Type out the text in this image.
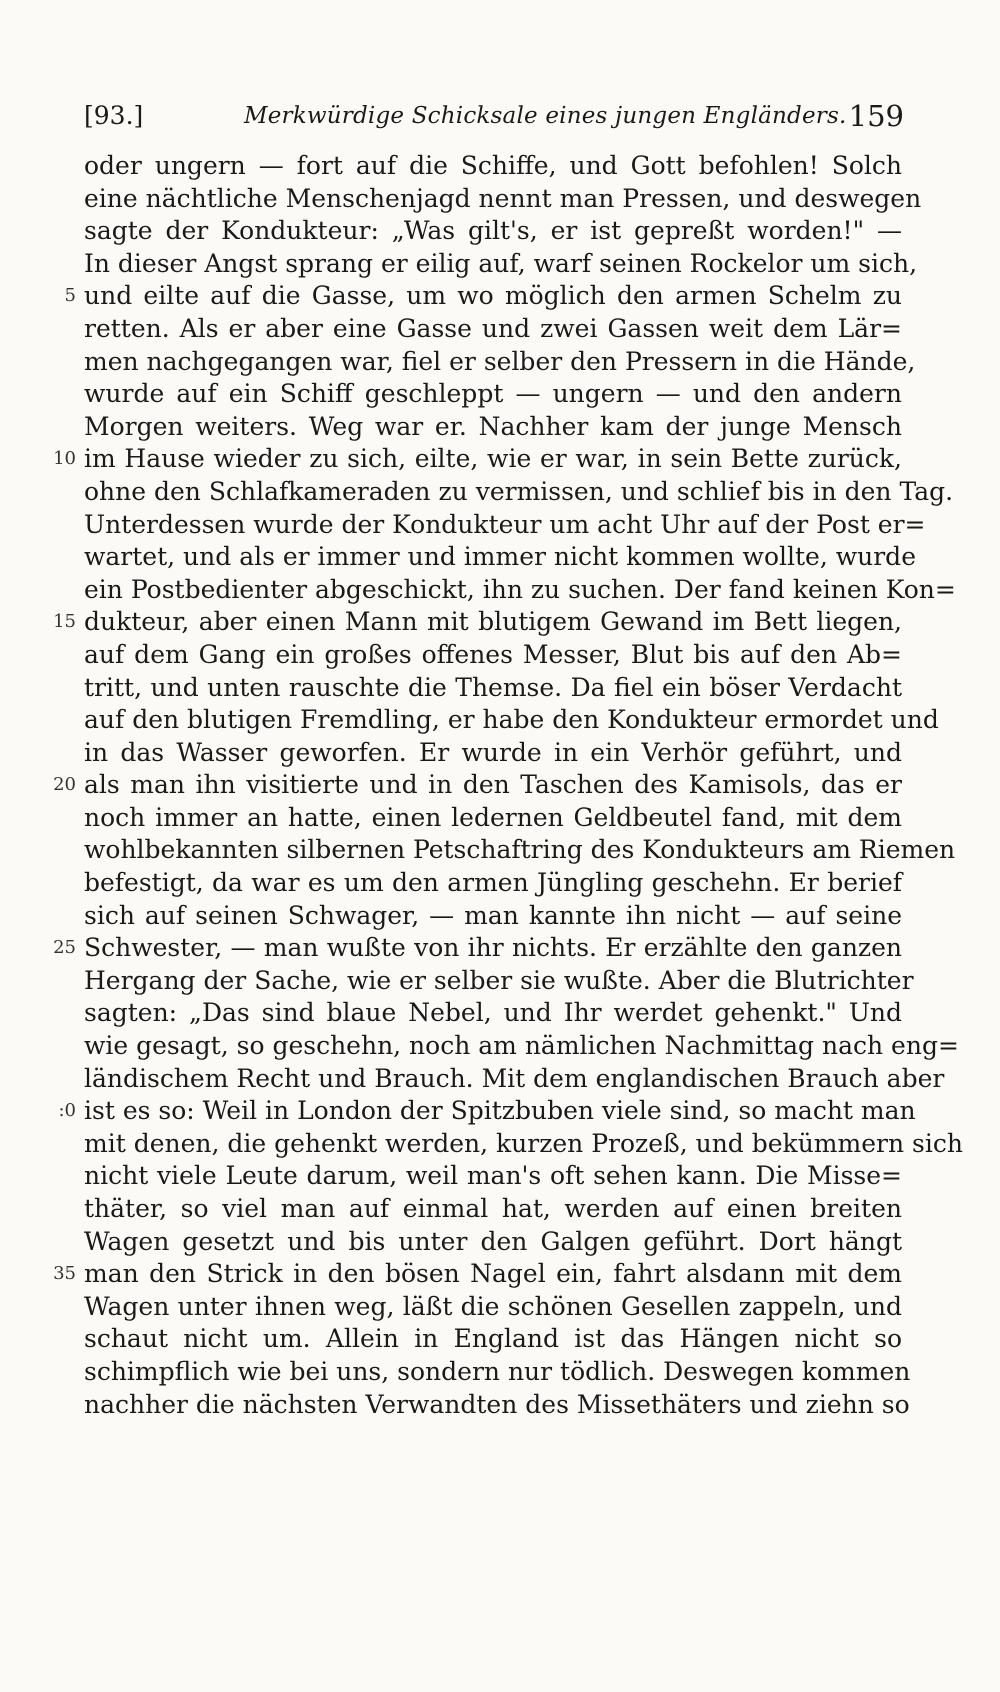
[93.]	Merkwürdige Schicksale eines jungen Engländers. 159
oder ungern — fort auf die Schiffe, und Gott befohlen! Solch
eine nächtliche Menschenjagd nennt man Pressen, und deswegen
sagte der Kondukteur: „Was gilt's, er ist gepreßt worden!" —
In dieser Angst sprang er eilig auf, warf seinen Rockelor um sich,
5 und eilte auf die Gasse, um wo möglich den armen Schelm zu
retten. Als er aber eine Gasse und zwei Gassen weit dem Lär=
men nachgegangen war, fiel er selber den Pressern in die Hände,
wurde auf ein Schiff geschleppt — ungern — und den andern
Morgen weiters. Weg war er. Nachher kam der junge Mensch
10 im Hause wieder zu sich, eilte, wie er war, in sein Bette zurück,
ohne den Schlafkameraden zu vermissen, und schlief bis in den Tag.
Unterdessen wurde der Kondukteur um acht Uhr auf der Post er=
wartet, und als er immer und immer nicht kommen wollte, wurde
ein Postbedienter abgeschickt, ihn zu suchen. Der fand keinen Kon=
15 dukteur, aber einen Mann mit blutigem Gewand im Bett liegen,
auf dem Gang ein großes offenes Messer, Blut bis auf den Ab=
tritt, und unten rauschte die Themse. Da fiel ein böser Verdacht
auf den blutigen Fremdling, er habe den Kondukteur ermordet und
in das Wasser geworfen. Er wurde in ein Verhör geführt, und
20 als man ihn visitierte und in den Taschen des Kamisols, das er
noch immer an hatte, einen ledernen Geldbeutel fand, mit dem
wohlbekannten silbernen Petschaftring des Kondukteurs am Riemen
befestigt, da war es um den armen Jüngling geschehn. Er berief
sich auf seinen Schwager, — man kannte ihn nicht — auf seine
25 Schwester, — man wußte von ihr nichts. Er erzählte den ganzen
Hergang der Sache, wie er selber sie wußte. Aber die Blutrichter
sagten: „Das sind blaue Nebel, und Ihr werdet gehenkt." Und
wie gesagt, so geschehn, noch am nämlichen Nachmittag nach eng=
ländischem Recht und Brauch. Mit dem englandischen Brauch aber
:0 ist es so: Weil in London der Spitzbuben viele sind, so macht man
mit denen, die gehenkt werden, kurzen Prozeß, und bekümmern sich
nicht viele Leute darum, weil man's oft sehen kann. Die Misse=
thäter, so viel man auf einmal hat, werden auf einen breiten
Wagen gesetzt und bis unter den Galgen geführt. Dort hängt
35 man den Strick in den bösen Nagel ein, fahrt alsdann mit dem
Wagen unter ihnen weg, läßt die schönen Gesellen zappeln, und
schaut nicht um. Allein in England ist das Hängen nicht so
schimpflich wie bei uns, sondern nur tödlich. Deswegen kommen
nachher die nächsten Verwandten des Missethäters und ziehn so
